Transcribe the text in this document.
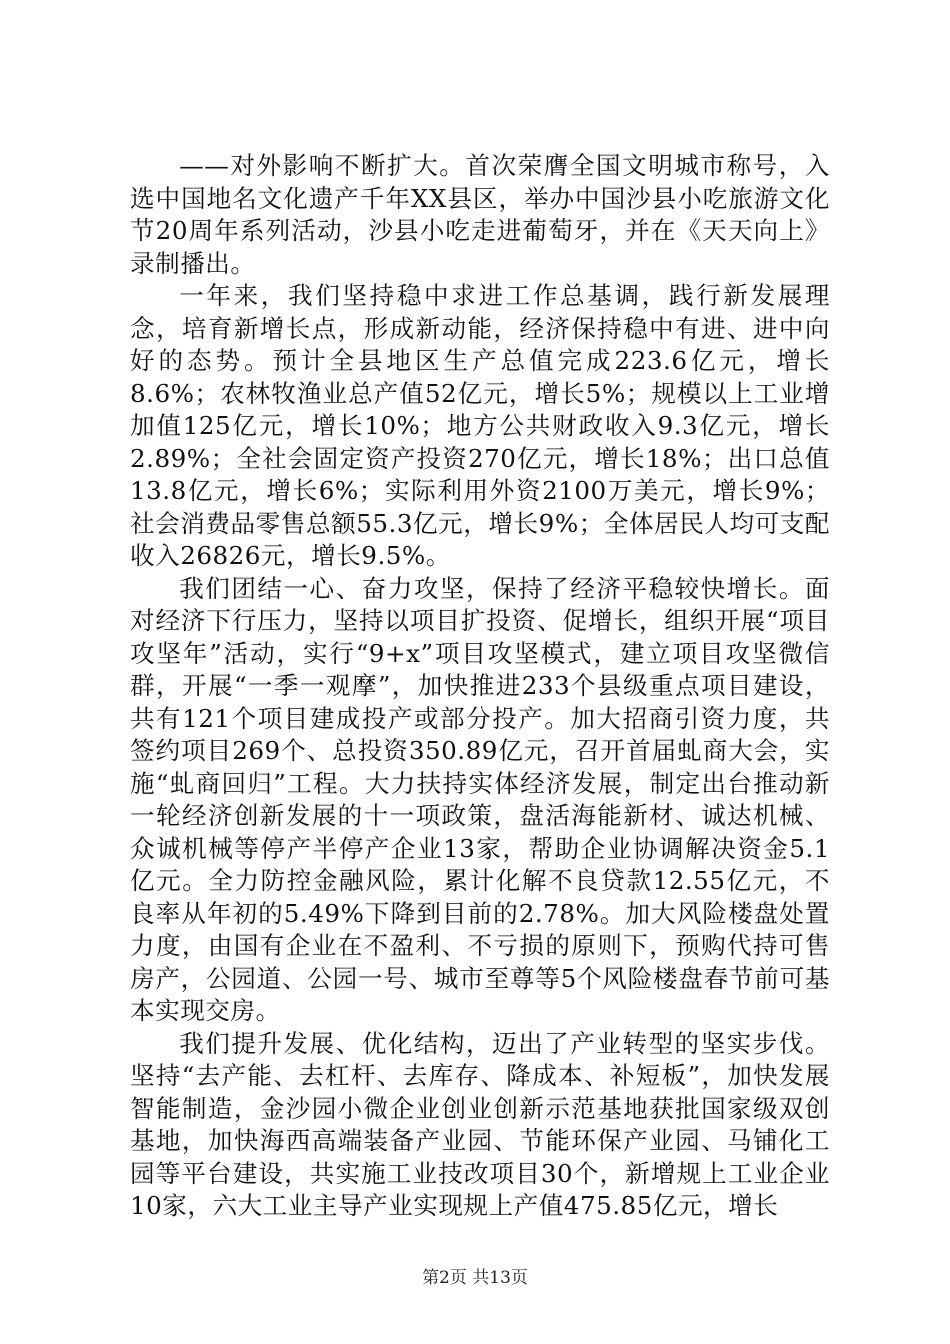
——对外影响不断扩大。首次荣膺全国文明城市称号，入选中国地名文化遗产千年XX县区，举办中国沙县小吃旅游文化节20周年系列活动，沙县小吃走进葡萄牙，并在《天天向上》录制播出。

一年来，我们坚持稳中求进工作总基调，践行新发展理念，培育新增长点，形成新动能，经济保持稳中有进、进中向好的态势。预计全县地区生产总值完成223.6亿元，增长8.6%；农林牧渔业总产值52亿元，增长5%；规模以上工业增加值125亿元，增长10%；地方公共财政收入9.3亿元，增长2.89%；全社会固定资产投资270亿元，增长18%；出口总值13.8亿元，增长6%；实际利用外资2100万美元，增长9%；社会消费品零售总额55.3亿元，增长9%；全体居民人均可支配收入26826元，增长9.5%。

我们团结一心、奋力攻坚，保持了经济平稳较快增长。面对经济下行压力，坚持以项目扩投资、促增长，组织开展“项目攻坚年”活动，实行“9+x”项目攻坚模式，建立项目攻坚微信群，开展“一季一观摩”，加快推进233个县级重点项目建设，共有121个项目建成投产或部分投产。加大招商引资力度，共签约项目269个、总投资350.89亿元，召开首届虬商大会，实施“虬商回归”工程。大力扶持实体经济发展，制定出台推动新一轮经济创新发展的十一项政策，盘活海能新材、诚达机械、众诚机械等停产半停产企业13家，帮助企业协调解决资金5.1亿元。全力防控金融风险，累计化解不良贷款12.55亿元，不良率从年初的5.49%下降到目前的2.78%。加大风险楼盘处置力度，由国有企业在不盈利、不亏损的原则下，预购代持可售房产，公园道、公园一号、城市至尊等5个风险楼盘春节前可基本实现交房。

我们提升发展、优化结构，迈出了产业转型的坚实步伐。坚持“去产能、去杠杆、去库存、降成本、补短板”，加快发展智能制造，金沙园小微企业创业创新示范基地获批国家级双创基地，加快海西高端装备产业园、节能环保产业园、马铺化工园等平台建设，共实施工业技改项目30个，新增规上工业企业10家，六大工业主导产业实现规上产值475.85亿元，增长

第2页 共13页
